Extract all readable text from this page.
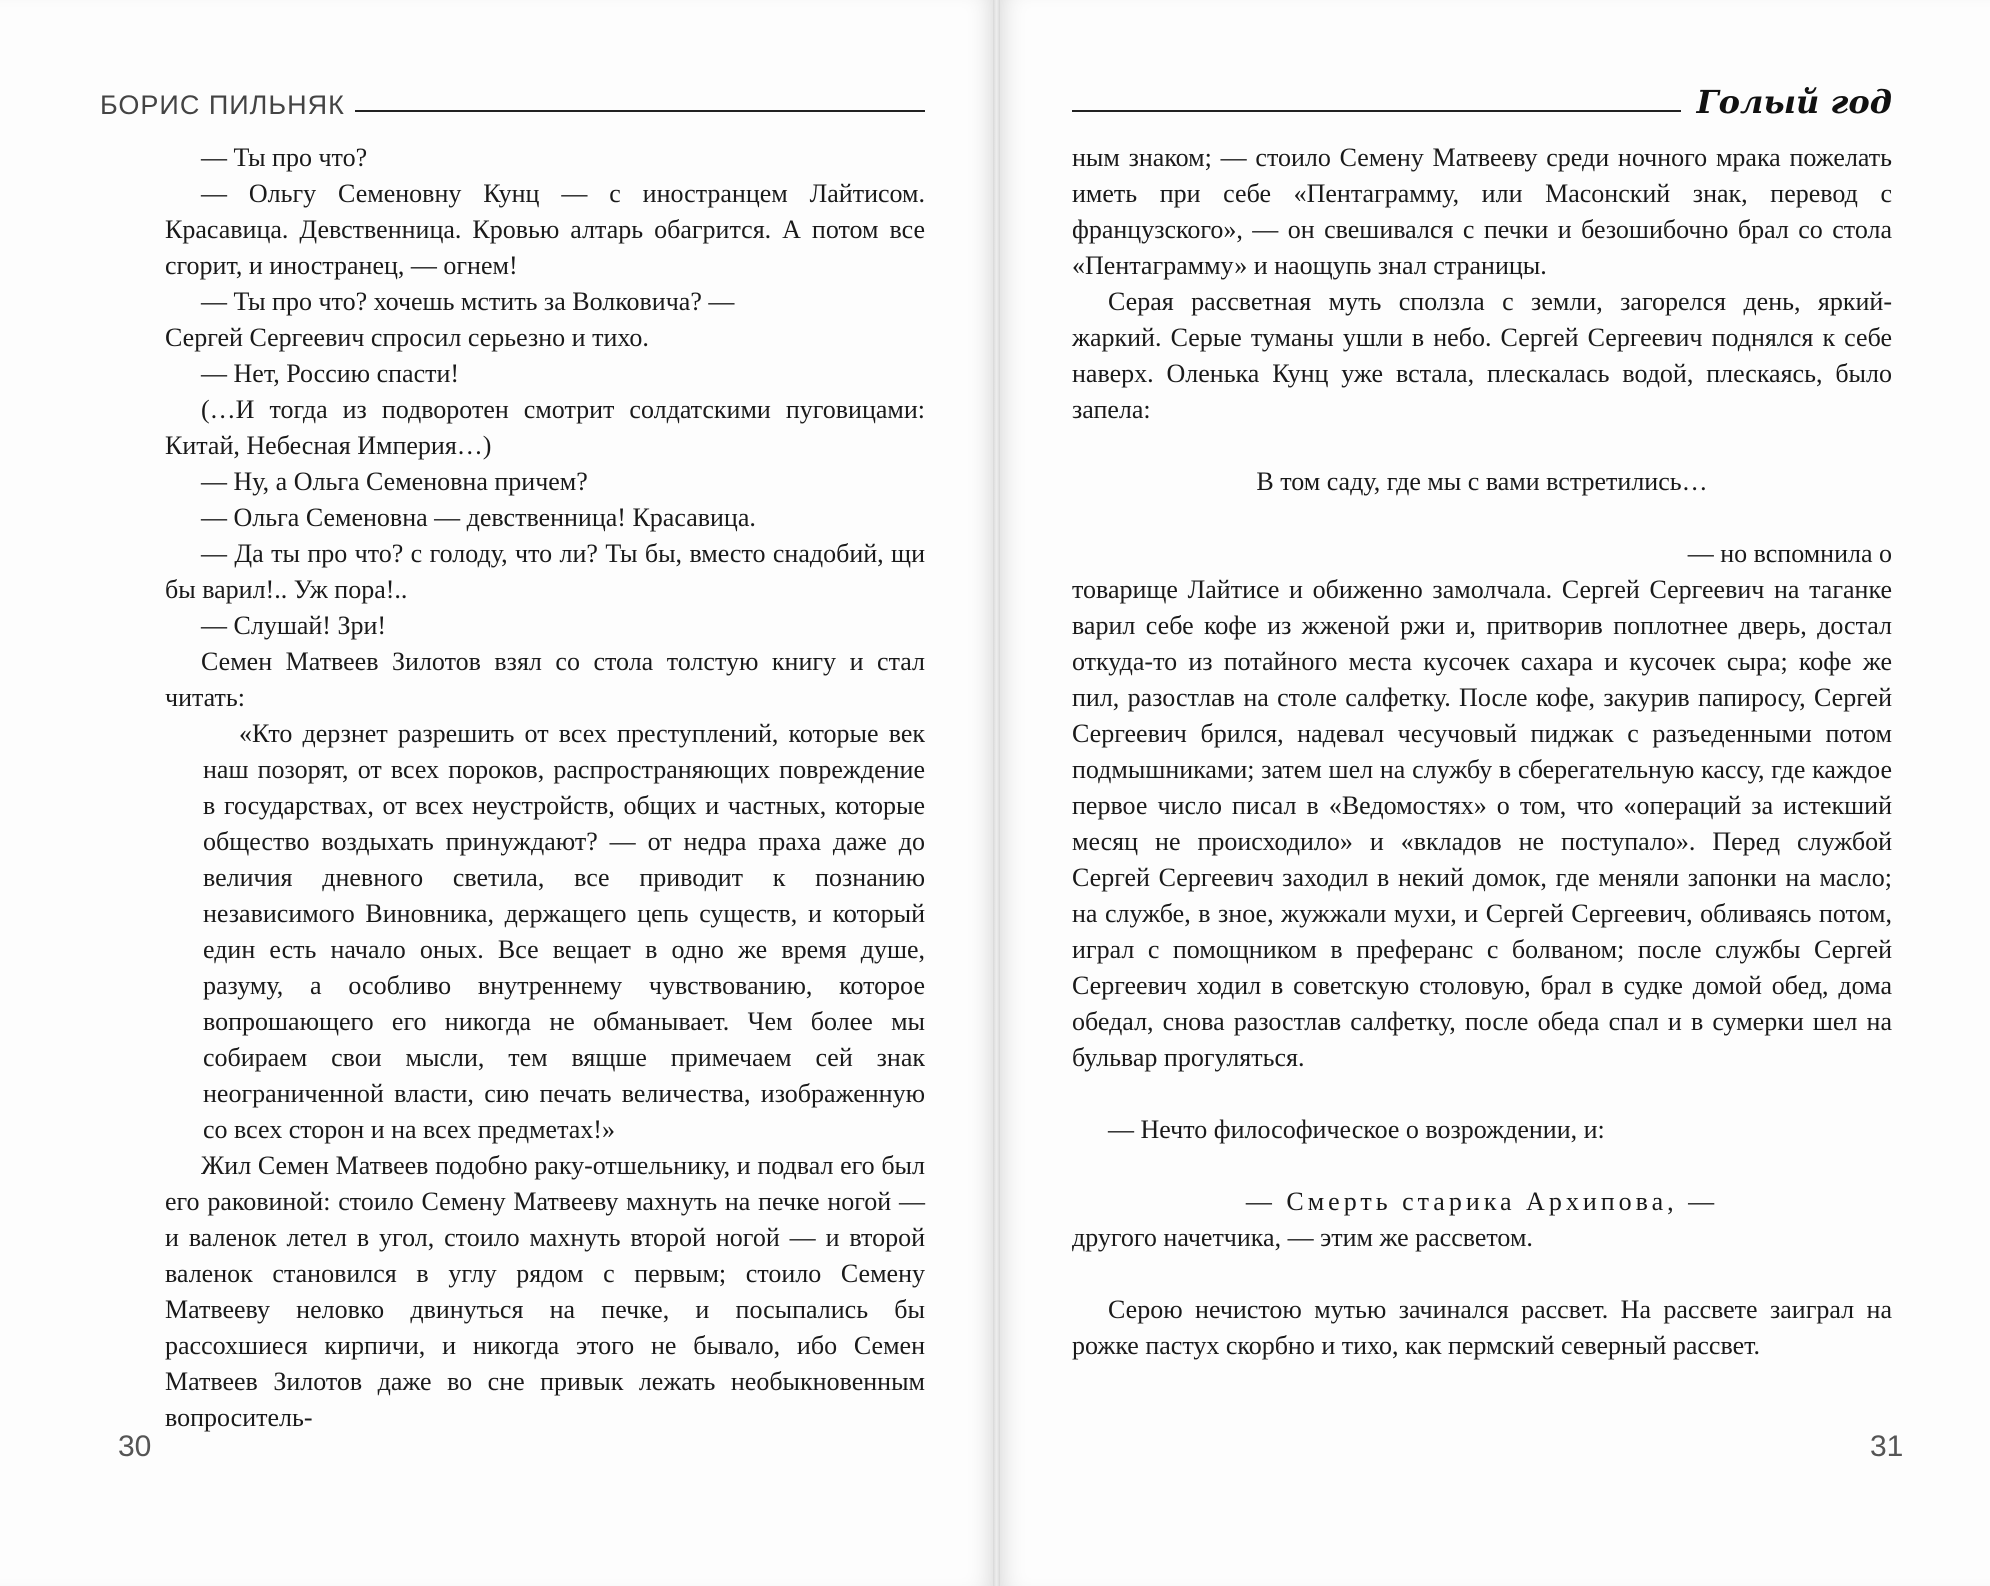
БОРИС ПИЛЬНЯК

— Ты про что?

— Ольгу Семеновну Кунц — с иностранцем Лайтисом. Красавица. Девственница. Кровью алтарь обагрится. А потом все сгорит, и иностранец, — огнем!

— Ты про что? хочешь мстить за Волковича? —

Сергей Сергеевич спросил серьезно и тихо.

— Нет, Россию спасти!

(…И тогда из подворотен смотрит солдатскими пуговицами: Китай, Небесная Империя…)

— Ну, а Ольга Семеновна причем?

— Ольга Семеновна — девственница! Красавица.

— Да ты про что? с голоду, что ли? Ты бы, вместо снадобий, щи бы варил!.. Уж пора!..

— Слушай! Зри!

Семен Матвеев Зилотов взял со стола толстую книгу и стал читать:

«Кто дерзнет разрешить от всех преступлений, которые век наш позорят, от всех пороков, распространяющих повреждение в государствах, от всех неустройств, общих и частных, которые общество воздыхать принуждают? — от недра праха даже до величия дневного светила, все приводит к познанию независимого Виновника, держащего цепь существ, и который един есть начало оных. Все вещает в одно же время душе, разуму, а особливо внутреннему чувствованию, которое вопрошающего его никогда не обманывает. Чем более мы собираем свои мысли, тем вящше примечаем сей знак неограниченной власти, сию печать величества, изображенную со всех сторон и на всех предметах!»

Жил Семен Матвеев подобно раку-отшельнику, и подвал его был его раковиной: стоило Семену Матвееву махнуть на печке ногой — и валенок летел в угол, стоило махнуть второй ногой — и второй валенок становился в углу рядом с первым; стоило Семену Матвееву неловко двинуться на печке, и посыпались бы рассохшиеся кирпичи, и никогда этого не бывало, ибо Семен Матвеев Зилотов даже во сне привык лежать необыкновенным вопроситель-

30
Голый год

ным знаком; — стоило Семену Матвееву среди ночного мрака пожелать иметь при себе «Пентаграмму, или Масонский знак, перевод с французского», — он свешивался с печки и безошибочно брал со стола «Пентаграмму» и наощупь знал страницы.

Серая рассветная муть сползла с земли, загорелся день, яркий-жаркий. Серые туманы ушли в небо. Сергей Сергеевич поднялся к себе наверх. Оленька Кунц уже встала, плескалась водой, плескаясь, было запела:

В том саду, где мы с вами встретились…

— но вспомнила о

товарище Лайтисе и обиженно замолчала. Сергей Сергеевич на таганке варил себе кофе из жженой ржи и, притворив поплотнее дверь, достал откуда-то из потайного места кусочек сахара и кусочек сыра; кофе же пил, разостлав на столе салфетку. После кофе, закурив папиросу, Сергей Сергеевич брился, надевал чесучовый пиджак с разъеденными потом подмышниками; затем шел на службу в сберегательную кассу, где каждое первое число писал в «Ведомостях» о том, что «операций за истекший месяц не происходило» и «вкладов не поступало». Перед службой Сергей Сергеевич заходил в некий домок, где меняли запонки на масло; на службе, в зное, жужжали мухи, и Сергей Сергеевич, обливаясь потом, играл с помощником в преферанс с болваном; после службы Сергей Сергеевич ходил в советскую столовую, брал в судке домой обед, дома обедал, снова разостлав салфетку, после обеда спал и в сумерки шел на бульвар прогуляться.

— Нечто философическое о возрождении, и:

— Смерть старика Архипова, —

другого начетчика, — этим же рассветом.

Серою нечистою мутью зачинался рассвет. На рассвете заиграл на рожке пастух скорбно и тихо, как пермский северный рассвет.

31
